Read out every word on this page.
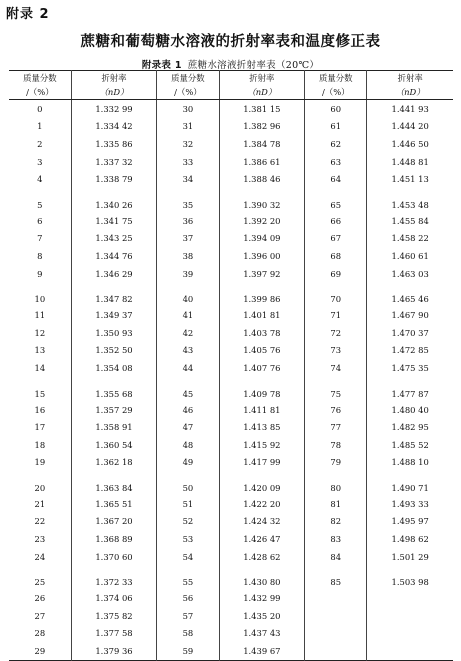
附录 2
蔗糖和葡萄糖水溶液的折射率表和温度修正表
附录表 1 蔗糖水溶液折射率表（20℃）
质量分数	折射率	质量分数	折射率	质量分数	折射率
/（%）	（nD）	/（%）	（nD）	/（%）	（nD）
0	1.332 99	30	1.381 15	60	1.441 93
1	1.334 42	31	1.382 96	61	1.444 20
2	1.335 86	32	1.384 78	62	1.446 50
3	1.337 32	33	1.386 61	63	1.448 81
4	1.338 79	34	1.388 46	64	1.451 13
5	1.340 26	35	1.390 32	65	1.453 48
6	1.341 75	36	1.392 20	66	1.455 84
7	1.343 25	37	1.394 09	67	1.458 22
8	1.344 76	38	1.396 00	68	1.460 61
9	1.346 29	39	1.397 92	69	1.463 03
10	1.347 82	40	1.399 86	70	1.465 46
11	1.349 37	41	1.401 81	71	1.467 90
12	1.350 93	42	1.403 78	72	1.470 37
13	1.352 50	43	1.405 76	73	1.472 85
14	1.354 08	44	1.407 76	74	1.475 35
15	1.355 68	45	1.409 78	75	1.477 87
16	1.357 29	46	1.411 81	76	1.480 40
17	1.358 91	47	1.413 85	77	1.482 95
18	1.360 54	48	1.415 92	78	1.485 52
19	1.362 18	49	1.417 99	79	1.488 10
20	1.363 84	50	1.420 09	80	1.490 71
21	1.365 51	51	1.422 20	81	1.493 33
22	1.367 20	52	1.424 32	82	1.495 97
23	1.368 89	53	1.426 47	83	1.498 62
24	1.370 60	54	1.428 62	84	1.501 29
25	1.372 33	55	1.430 80	85	1.503 98
26	1.374 06	56	1.432 99		
27	1.375 82	57	1.435 20		
28	1.377 58	58	1.437 43		
29	1.379 36	59	1.439 67		
